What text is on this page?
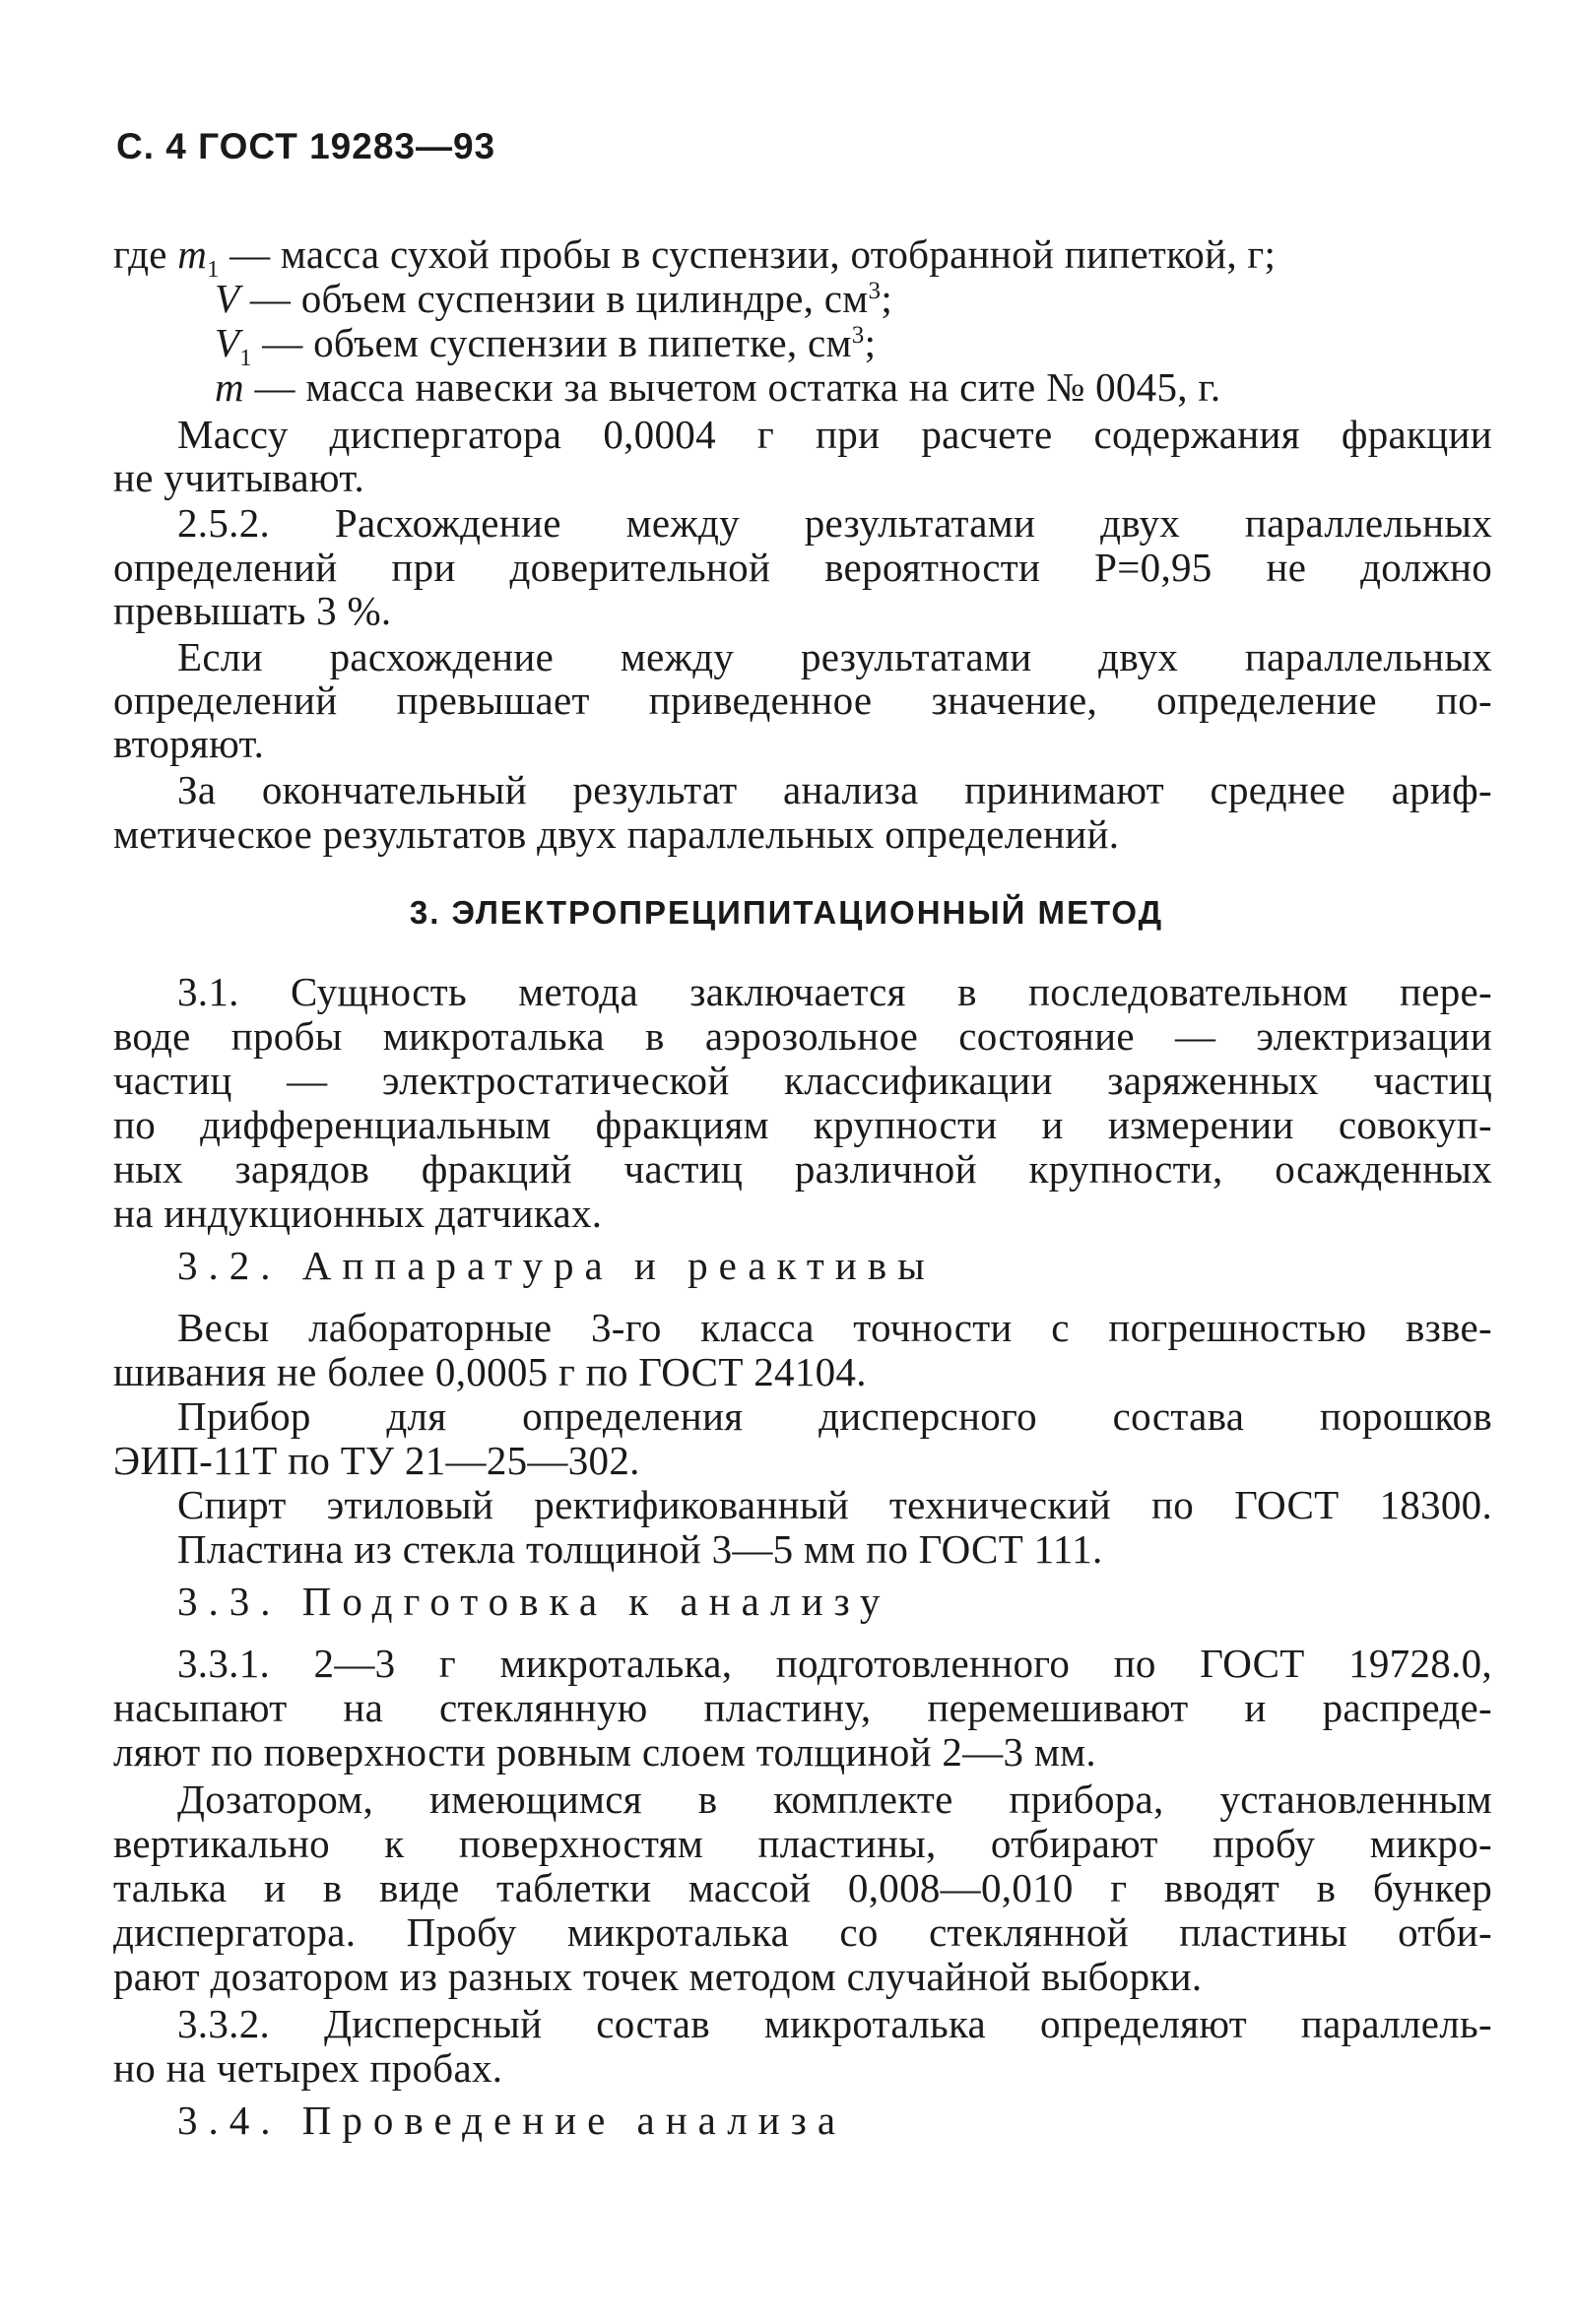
С. 4 ГОСТ 19283—93
где $m_1$ — масса сухой пробы в суспензии, отобранной пипеткой, г;
V — объем суспензии в цилиндре, $см^3$;
$V_1$ — объем суспензии в пипетке, $см^3$;
m — масса навески за вычетом остатка на сите № 0045, г.
Массу диспергатора 0,0004 г при расчете содержания фракции
не учитывают.
2.5.2. Расхождение между результатами двух параллельных
определений при доверительной вероятности P=0,95 не должно
превышать 3 %.
Если расхождение между результатами двух параллельных
определений превышает приведенное значение, определение по-
вторяют.
За окончательный результат анализа принимают среднее ариф-
метическое результатов двух параллельных определений.
3. ЭЛЕКТРОПРЕЦИПИТАЦИОННЫЙ МЕТОД
3.1. Сущность метода заключается в последовательном пере-
воде пробы микроталька в аэрозольное состояние — электризации
частиц — электростатической классификации заряженных частиц
по дифференциальным фракциям крупности и измерении совокуп-
ных зарядов фракций частиц различной крупности, осажденных
на индукционных датчиках.
3.2. Аппаратура и реактивы
Весы лабораторные 3-го класса точности с погрешностью взве-
шивания не более 0,0005 г по ГОСТ 24104.
Прибор для определения дисперсного состава порошков
ЭИП-11Т по ТУ 21—25—302.
Спирт этиловый ректификованный технический по ГОСТ 18300.
Пластина из стекла толщиной 3—5 мм по ГОСТ 111.
3.3. Подготовка к анализу
3.3.1. 2—3 г микроталька, подготовленного по ГОСТ 19728.0,
насыпают на стеклянную пластину, перемешивают и распреде-
ляют по поверхности ровным слоем толщиной 2—3 мм.
Дозатором, имеющимся в комплекте прибора, установленным
вертикально к поверхностям пластины, отбирают пробу микро-
талька и в виде таблетки массой 0,008—0,010 г вводят в бункер
диспергатора. Пробу микроталька со стеклянной пластины отби-
рают дозатором из разных точек методом случайной выборки.
3.3.2. Дисперсный состав микроталька определяют параллель-
но на четырех пробах.
3.4. Проведение анализа
